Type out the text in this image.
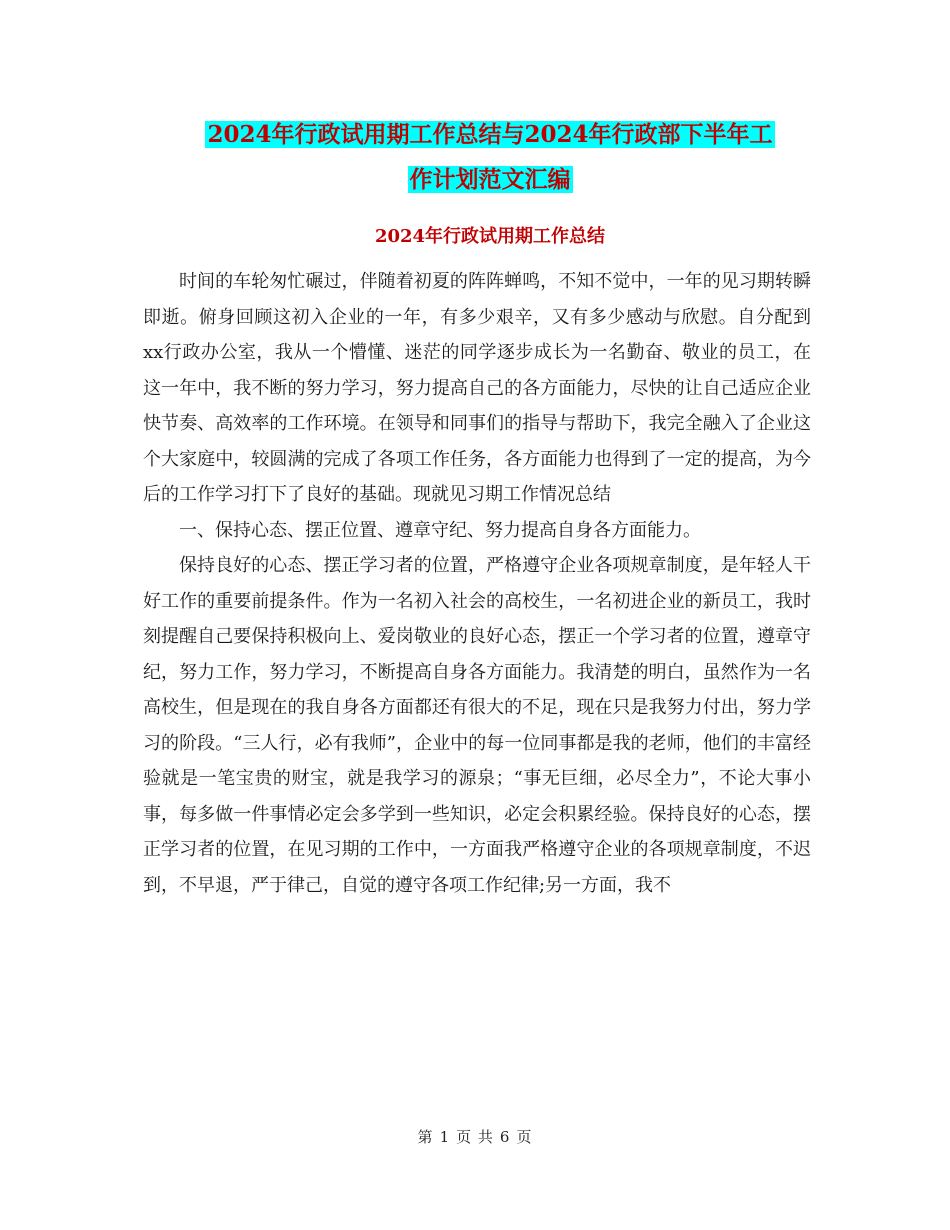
2024年行政试用期工作总结与2024年行政部下半年工
作计划范文汇编
2024年行政试用期工作总结

时间的车轮匆忙碾过，伴随着初夏的阵阵蝉鸣，不知不觉中，一年的见习期转瞬即逝。俯身回顾这初入企业的一年，有多少艰辛，又有多少感动与欣慰。自分配到xx行政办公室，我从一个懵懂、迷茫的同学逐步成长为一名勤奋、敬业的员工，在这一年中，我不断的努力学习，努力提高自己的各方面能力，尽快的让自己适应企业快节奏、高效率的工作环境。在领导和同事们的指导与帮助下，我完全融入了企业这个大家庭中，较圆满的完成了各项工作任务，各方面能力也得到了一定的提高，为今后的工作学习打下了良好的基础。现就见习期工作情况总结

一、保持心态、摆正位置、遵章守纪、努力提高自身各方面能力。

保持良好的心态、摆正学习者的位置，严格遵守企业各项规章制度，是年轻人干好工作的重要前提条件。作为一名初入社会的高校生，一名初进企业的新员工，我时刻提醒自己要保持积极向上、爱岗敬业的良好心态，摆正一个学习者的位置，遵章守纪，努力工作，努力学习，不断提高自身各方面能力。我清楚的明白，虽然作为一名高校生，但是现在的我自身各方面都还有很大的不足，现在只是我努力付出，努力学习的阶段。“三人行，必有我师”，企业中的每一位同事都是我的老师，他们的丰富经验就是一笔宝贵的财宝，就是我学习的源泉；“事无巨细，必尽全力”，不论大事小事，每多做一件事情必定会多学到一些知识，必定会积累经验。保持良好的心态，摆正学习者的位置，在见习期的工作中，一方面我严格遵守企业的各项规章制度，不迟到，不早退，严于律己，自觉的遵守各项工作纪律;另一方面，我不

第 1 页 共 6 页
